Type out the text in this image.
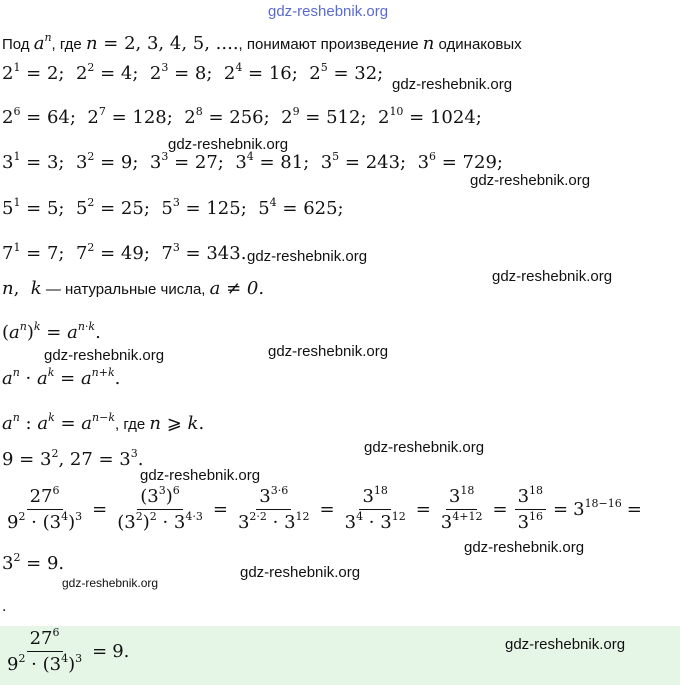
gdz-reshebnik.org
Под $a^n$, где n = 2, 3, 4, 5, ...., понимают произведение n одинаковых
$2^1 = 2$; $2^2 = 4$; $2^3 = 8$; $2^4 = 16$; $2^5 = 32$;
gdz-reshebnik.org
$2^6 = 64$; $2^7 = 128$; $2^8 = 256$; $2^9 = 512$; $2^{10} = 1024$;
gdz-reshebnik.org
$3^1 = 3$; $3^2 = 9$; $3^3 = 27$; $3^4 = 81$; $3^5 = 243$; $3^6 = 729$;
gdz-reshebnik.org
$5^1 = 5$; $5^2 = 25$; $5^3 = 125$; $5^4 = 625$;
$7^1 = 7$; $7^2 = 49$; $7^3 = 343$. gdz-reshebnik.org
gdz-reshebnik.org
n,  k — натуральные числа, a ≠ 0.
$(a^n)^k = a^{n\cdot k}$.
gdz-reshebnik.org	gdz-reshebnik.org
$a^n \cdot a^k = a^{n+k}$.
$a^n$ : $a^k = a^{n-k}$, где n ⩾ k.
$9 = 3^2$, $27 = 3^3$.
gdz-reshebnik.org
gdz-reshebnik.org
$\frac{27^6}{9^2 \cdot (3^4)^3} = \frac{(3^3)^6}{(3^2)^2 \cdot 3^{4\cdot 3}} = \frac{3^{3\cdot 6}}{3^{2\cdot 2} \cdot 3^{12}} = \frac{3^{18}}{3^4 \cdot 3^{12}} = \frac{3^{18}}{3^{4+12}} = \frac{3^{18}}{3^{16}} = 3^{18-16}$ =
gdz-reshebnik.org
$3^2 = 9$.
gdz-reshebnik.org
gdz-reshebnik.org
.
$\frac{27^6}{9^2 \cdot (3^4)^3} = 9$.	gdz-reshebnik.org
